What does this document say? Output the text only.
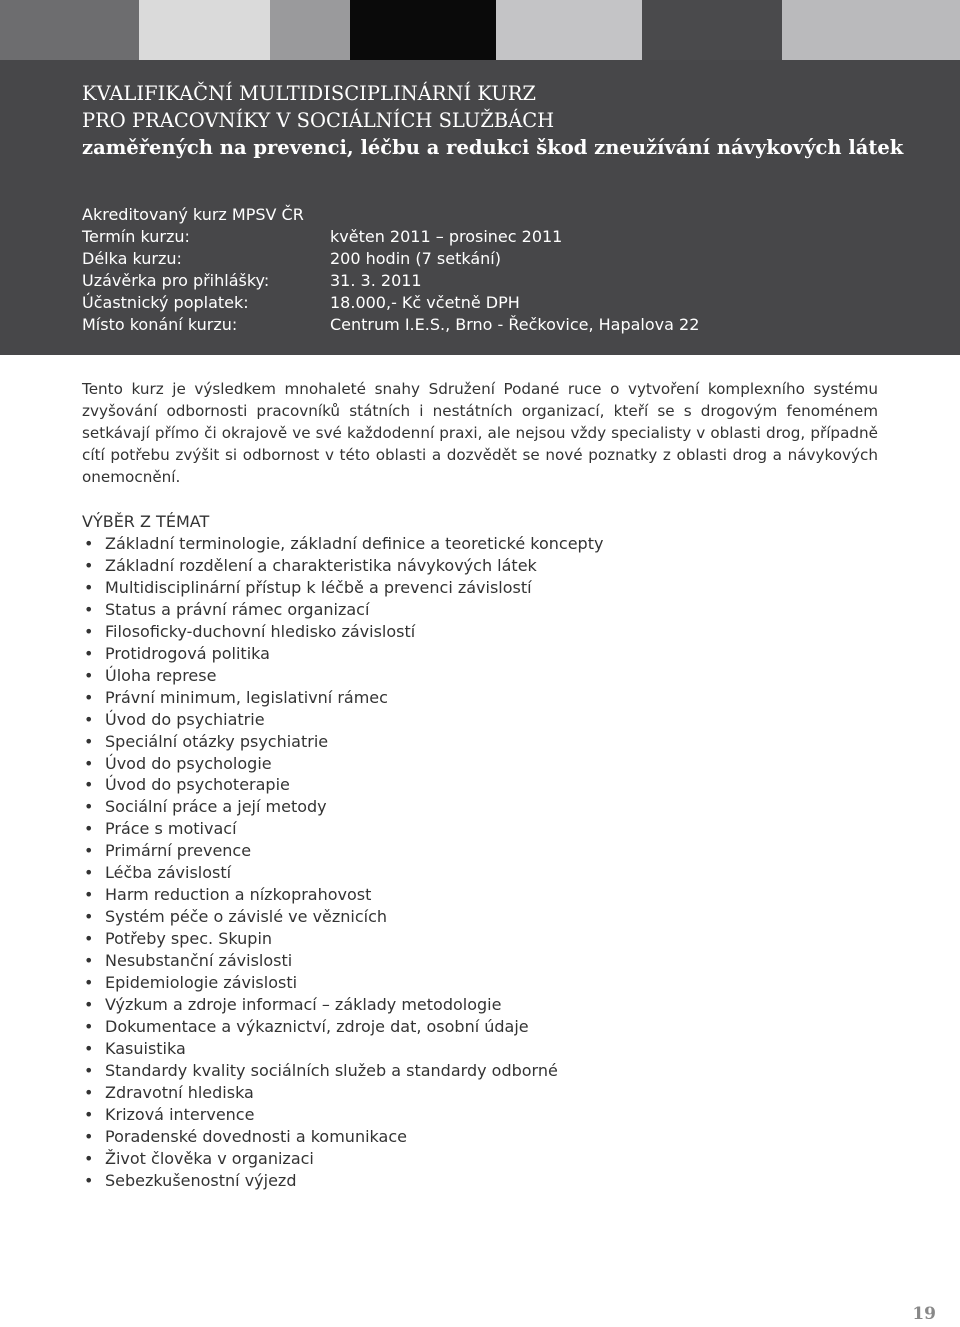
KVALIFIKAČNÍ MULTIDISCIPLINÁRNÍ KURZ
PRO PRACOVNÍKY V SOCIÁLNÍCH SLUŽBÁCH
zaměřených na prevenci, léčbu a redukci škod zneužívání návykových látek
Akreditovaný kurz MPSV ČR
Termín kurzu:	květen 2011 – prosinec 2011
Délka kurzu:	200 hodin (7 setkání)
Uzávěrka pro přihlášky:	31. 3. 2011
Účastnický poplatek:	18.000,- Kč včetně DPH
Místo konání kurzu:	Centrum I.E.S., Brno - Řečkovice, Hapalova 22
Tento kurz je výsledkem mnohaleté snahy Sdružení Podané ruce o vytvoření komplexního systému zvyšování odbornosti pracovníků státních i nestátních organizací, kteří se s drogovým fenoménem setkávají přímo či okrajově ve své každodenní praxi, ale nejsou vždy specialisty v oblasti drog, případně cítí potřebu zvýšit si odbornost v této oblasti a dozvědět se nové poznatky z oblasti drog a návykových onemocnění.
VÝBĚR Z TÉMAT
• Základní terminologie, základní definice a teoretické koncepty
• Základní rozdělení a charakteristika návykových látek
• Multidisciplinární přístup k léčbě a prevenci závislostí
• Status a právní rámec organizací
• Filosoficky-duchovní hledisko závislostí
• Protidrogová politika
• Úloha represe
• Právní minimum, legislativní rámec
• Úvod do psychiatrie
• Speciální otázky psychiatrie
• Úvod do psychologie
• Úvod do psychoterapie
• Sociální práce a její metody
• Práce s motivací
• Primární prevence
• Léčba závislostí
• Harm reduction a nízkoprahovost
• Systém péče o závislé ve věznicích
• Potřeby spec. Skupin
• Nesubstanční závislosti
• Epidemiologie závislosti
• Výzkum a zdroje informací – základy metodologie
• Dokumentace a výkaznictví, zdroje dat, osobní údaje
• Kasuistika
• Standardy kvality sociálních služeb a standardy odborné
• Zdravotní hlediska
• Krizová intervence
• Poradenské dovednosti a komunikace
• Život člověka v organizaci
• Sebezkušenostní výjezd
19
